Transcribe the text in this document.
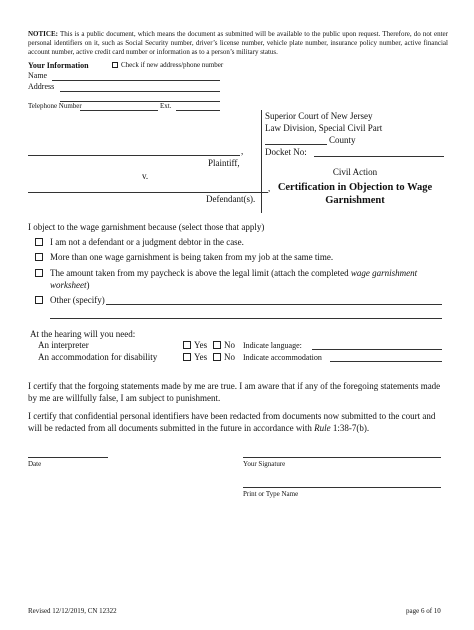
NOTICE: This is a public document, which means the document as submitted will be available to the public upon request. Therefore, do not enter personal identifiers on it, such as Social Security number, driver’s license number, vehicle plate number, insurance policy number, active financial account number, active credit card number or information as to a person’s military status.
Your Information	Check if new address/phone number
Name
Address
Telephone Number	Ext.
Superior Court of New Jersey
Law Division, Special Civil Part
County
Docket No:
Civil Action
Certification in Objection to Wage
Garnishment
,
Plaintiff,
v.
,
Defendant(s).
I object to the wage garnishment because (select those that apply)
I am not a defendant or a judgment debtor in the case.
More than one wage garnishment is being taken from my job at the same time.
The amount taken from my paycheck is above the legal limit (attach the completed wage garnishment
worksheet)
Other (specify)
At the hearing will you need:
An interpreter	Yes No Indicate language:
An accommodation for disability	Yes No Indicate accommodation
I certify that the forgoing statements made by me are true. I am aware that if any of the foregoing statements made by me are willfully false, I am subject to punishment.
I certify that confidential personal identifiers have been redacted from documents now submitted to the court and will be redacted from all documents submitted in the future in accordance with Rule 1:38-7(b).
Date	Your Signature
Print or Type Name
Revised 12/12/2019, CN 12322	page 6 of 10
